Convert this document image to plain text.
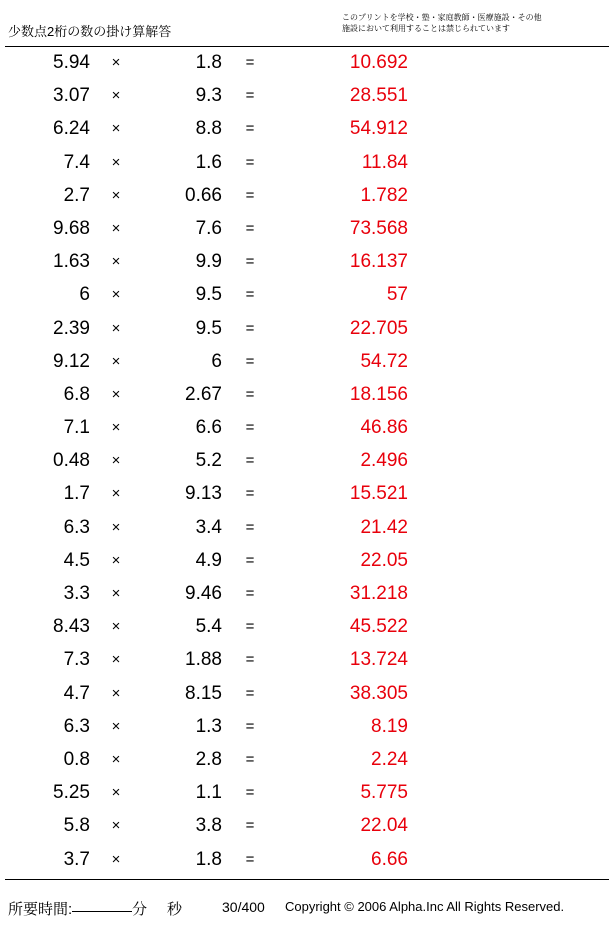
少数点2桁の数の掛け算解答
このプリントを学校・塾・家庭教師・医療施設・その他
施設において利用することは禁じられています
5.94	×	1.8	=	10.692
3.07	×	9.3	=	28.551
6.24	×	8.8	=	54.912
7.4	×	1.6	=	11.84
2.7	×	0.66	=	1.782
9.68	×	7.6	=	73.568
1.63	×	9.9	=	16.137
6	×	9.5	=	57
2.39	×	9.5	=	22.705
9.12	×	6	=	54.72
6.8	×	2.67	=	18.156
7.1	×	6.6	=	46.86
0.48	×	5.2	=	2.496
1.7	×	9.13	=	15.521
6.3	×	3.4	=	21.42
4.5	×	4.9	=	22.05
3.3	×	9.46	=	31.218
8.43	×	5.4	=	45.522
7.3	×	1.88	=	13.724
4.7	×	8.15	=	38.305
6.3	×	1.3	=	8.19
0.8	×	2.8	=	2.24
5.25	×	1.1	=	5.775
5.8	×	3.8	=	22.04
3.7	×	1.8	=	6.66
所要時間:	分 秒	30/400 Copyright © 2006 Alpha.Inc All Rights Reserved.
